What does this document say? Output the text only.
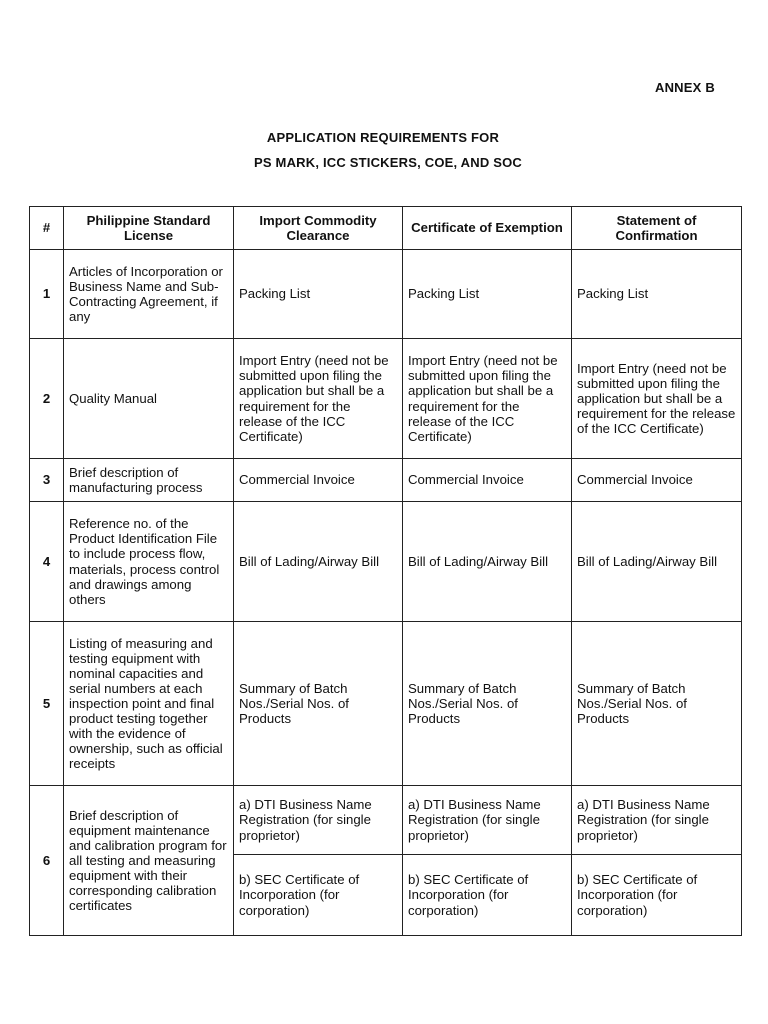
ANNEX B
APPLICATION REQUIREMENTS FOR
PS MARK, ICC STICKERS, COE, AND SOC
#	Philippine Standard License	Import Commodity Clearance	Certificate of Exemption	Statement of Confirmation
1	Articles of Incorporation or Business Name and Sub-Contracting Agreement, if any	Packing List	Packing List	Packing List
2	Quality Manual	Import Entry (need not be submitted upon filing the application but shall be a requirement for the release of the ICC Certificate)	Import Entry (need not be submitted upon filing the application but shall be a requirement for the release of the ICC Certificate)	Import Entry (need not be submitted upon filing the application but shall be a requirement for the release of the ICC Certificate)
3	Brief description of manufacturing process	Commercial Invoice	Commercial Invoice	Commercial Invoice
4	Reference no. of the Product Identification File to include process flow, materials, process control and drawings among others	Bill of Lading/Airway Bill	Bill of Lading/Airway Bill	Bill of Lading/Airway Bill
5	Listing of measuring and testing equipment with nominal capacities and serial numbers at each inspection point and final product testing together with the evidence of ownership, such as official receipts	Summary of Batch Nos./Serial Nos. of Products	Summary of Batch Nos./Serial Nos. of Products	Summary of Batch Nos./Serial Nos. of Products
6	Brief description of equipment maintenance and calibration program for all testing and measuring equipment with their corresponding calibration certificates	a) DTI Business Name Registration (for single proprietor)	a) DTI Business Name Registration (for single proprietor)	a) DTI Business Name Registration (for single proprietor)
		b) SEC Certificate of Incorporation (for corporation)	b) SEC Certificate of Incorporation (for corporation)	b) SEC Certificate of Incorporation (for corporation)
